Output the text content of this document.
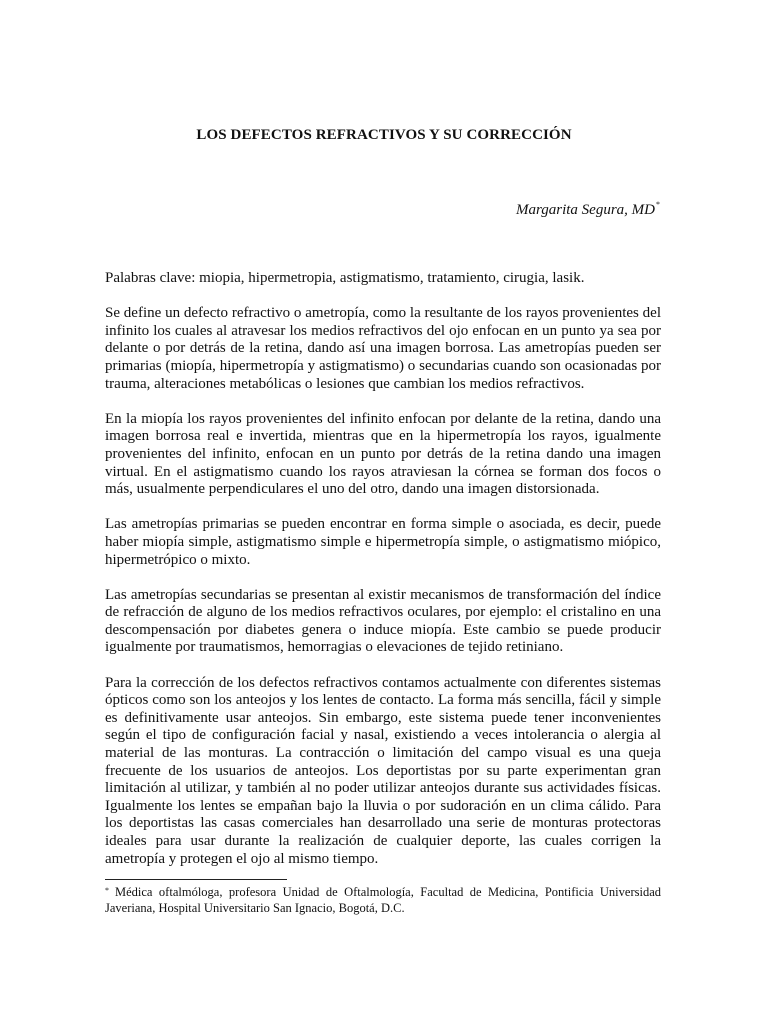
LOS DEFECTOS REFRACTIVOS Y SU CORRECCIÓN

Margarita Segura, MD*

Palabras clave: miopia, hipermetropia, astigmatismo, tratamiento, cirugia, lasik.

Se define un defecto refractivo o ametropía, como la resultante de los rayos provenientes del infinito los cuales al atravesar los medios refractivos del ojo enfocan en un punto ya sea por delante o por detrás de la retina, dando así una imagen borrosa. Las ametropías pueden ser primarias (miopía, hipermetropía y astigmatismo) o secundarias cuando son ocasionadas por trauma, alteraciones metabólicas o lesiones que cambian los medios refractivos.

En la miopía los rayos provenientes del infinito enfocan por delante de la retina, dando una imagen borrosa real e invertida, mientras que en la hipermetropía los rayos, igualmente provenientes del infinito, enfocan en un punto por detrás de la retina dando una imagen virtual. En el astigmatismo cuando los rayos atraviesan la córnea se forman dos focos o más, usualmente perpendiculares el uno del otro, dando una imagen distorsionada.

Las ametropías primarias se pueden encontrar en forma simple o asociada, es decir, puede haber miopía simple, astigmatismo simple e hipermetropía simple, o astigmatismo miópico, hipermetrópico o mixto.

Las ametropías secundarias se presentan al existir mecanismos de transformación del índice de refracción de alguno de los medios refractivos oculares, por ejemplo: el cristalino en una descompensación por diabetes genera o induce miopía. Este cambio se puede producir igualmente por traumatismos, hemorragias o elevaciones de tejido retiniano.

Para la corrección de los defectos refractivos contamos actualmente con diferentes sistemas ópticos como son los anteojos y los lentes de contacto. La forma más sencilla, fácil y simple es definitivamente usar anteojos. Sin embargo, este sistema puede tener inconvenientes según el tipo de configuración facial y nasal, existiendo a veces intolerancia o alergia al material de las monturas. La contracción o limitación del campo visual es una queja frecuente de los usuarios de anteojos. Los deportistas por su parte experimentan gran limitación al utilizar, y también al no poder utilizar anteojos durante sus actividades físicas. Igualmente los lentes se empañan bajo la lluvia o por sudoración en un clima cálido. Para los deportistas las casas comerciales han desarrollado una serie de monturas protectoras ideales para usar durante la realización de cualquier deporte, las cuales corrigen la ametropía y protegen el ojo al mismo tiempo.

* Médica oftalmóloga, profesora Unidad de Oftalmología, Facultad de Medicina, Pontificia Universidad Javeriana, Hospital Universitario San Ignacio, Bogotá, D.C.
